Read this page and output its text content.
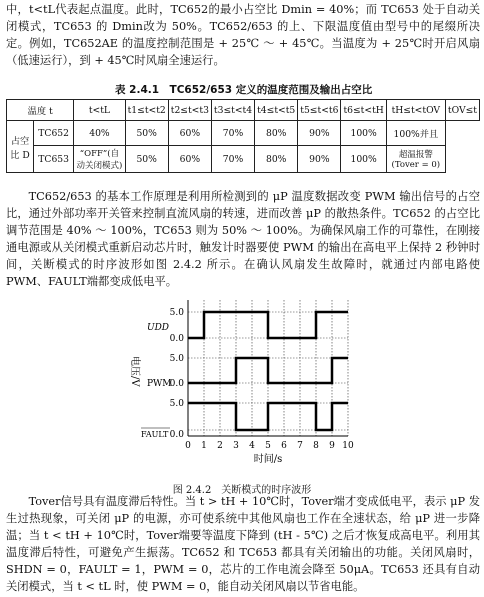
中，t<tL代表起点温度。此时，TC652的最小占空比 Dmin = 40%；而 TC653 处于自动关闭模式，TC653 的 Dmin改为 50%。TC652/653 的上、下限温度值由型号中的尾缀所决定。例如，TC652AE 的温度控制范围是 + 25℃ ～ + 45℃。当温度为 + 25℃时开启风扇（低速运行），到 + 45℃时风扇全速运行。

表 2.4.1　TC652/653 定义的温度范围及输出占空比
温度 t		t<tL	t1≤t<t2	t2≤t<t3	t3≤t<t4	t4≤t<t5	t5≤t<t6	t6≤t<tH	tH≤t<tOV	tOV≤t
占空比 D	TC652	40%	50%	60%	70%	80%	90%	100%	100%并且	
	TC653	“OFF”(自动关闭模式)	50%	60%	70%	80%	90%	100%	超温报警 (Tover = 0)	

TC652/653 的基本工作原理是利用所检测到的 μP 温度数据改变 PWM 输出信号的占空比，通过外部功率开关管来控制直流风扇的转速，进而改善 μP 的散热条件。TC652 的占空比调节范围是 40% ～ 100%，TC653 则为 50% ～ 100%。为确保风扇工作的可靠性，在刚接通电源或从关闭模式重新启动芯片时，触发计时器要使 PWM 的输出在高电平上保持 2 秒钟时间，关断模式的时序波形如图 2.4.2 所示。在确认风扇发生故障时，就通过内部电路使 PWM、FAULT端都变成低电平。

5.0
0.0
5.0
0.0
5.0
0.0
UDD
PWM
FAULT
电压/V
0 1 2 3 4 5 6 7 8 9 10
时间/s
图 2.4.2　关断模式的时序波形

Tover信号具有温度滞后特性。当 t > tH + 10℃时，Tover端才变成低电平，表示 μP 发生过热现象，可关闭 μP 的电源，亦可使系统中其他风扇也工作在全速状态，给 μP 进一步降温；当 t < tH + 10℃时，Tover端要等温度下降到 (tH - 5℃) 之后才恢复成高电平。利用其温度滞后特性，可避免产生振荡。TC652 和 TC653 都具有关闭输出的功能。关闭风扇时，SHDN = 0，FAULT = 1，PWM = 0，芯片的工作电流会降至 50μA。TC653 还具有自动关闭模式，当 t < tL 时，使 PWM = 0，能自动关闭风扇以节省电能。
